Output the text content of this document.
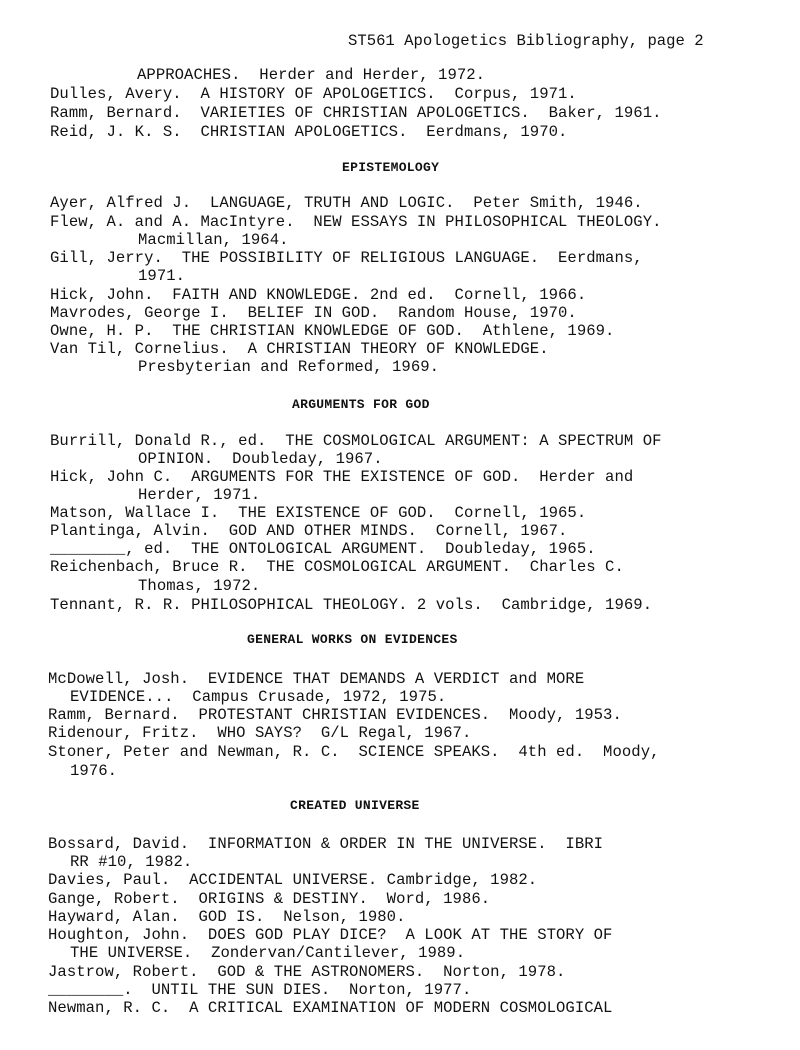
ST561 Apologetics Bibliography, page 2
APPROACHES.  Herder and Herder, 1972.
Dulles, Avery.  A HISTORY OF APOLOGETICS.  Corpus, 1971.
Ramm, Bernard.  VARIETIES OF CHRISTIAN APOLOGETICS.  Baker, 1961.
Reid, J. K. S.  CHRISTIAN APOLOGETICS.  Eerdmans, 1970.
EPISTEMOLOGY
Ayer, Alfred J.  LANGUAGE, TRUTH AND LOGIC.  Peter Smith, 1946.
Flew, A. and A. MacIntyre.  NEW ESSAYS IN PHILOSOPHICAL THEOLOGY.
Macmillan, 1964.
Gill, Jerry.  THE POSSIBILITY OF RELIGIOUS LANGUAGE.  Eerdmans,
1971.
Hick, John.  FAITH AND KNOWLEDGE. 2nd ed.  Cornell, 1966.
Mavrodes, George I.  BELIEF IN GOD.  Random House, 1970.
Owne, H. P.  THE CHRISTIAN KNOWLEDGE OF GOD.  Athlene, 1969.
Van Til, Cornelius.  A CHRISTIAN THEORY OF KNOWLEDGE.
Presbyterian and Reformed, 1969.
ARGUMENTS FOR GOD
Burrill, Donald R., ed.  THE COSMOLOGICAL ARGUMENT: A SPECTRUM OF
OPINION.  Doubleday, 1967.
Hick, John C.  ARGUMENTS FOR THE EXISTENCE OF GOD.  Herder and
Herder, 1971.
Matson, Wallace I.  THE EXISTENCE OF GOD.  Cornell, 1965.
Plantinga, Alvin.  GOD AND OTHER MINDS.  Cornell, 1967.
________, ed.  THE ONTOLOGICAL ARGUMENT.  Doubleday, 1965.
Reichenbach, Bruce R.  THE COSMOLOGICAL ARGUMENT.  Charles C.
Thomas, 1972.
Tennant, R. R. PHILOSOPHICAL THEOLOGY. 2 vols.  Cambridge, 1969.
GENERAL WORKS ON EVIDENCES
McDowell, Josh.  EVIDENCE THAT DEMANDS A VERDICT and MORE
EVIDENCE...  Campus Crusade, 1972, 1975.
Ramm, Bernard.  PROTESTANT CHRISTIAN EVIDENCES.  Moody, 1953.
Ridenour, Fritz.  WHO SAYS?  G/L Regal, 1967.
Stoner, Peter and Newman, R. C.  SCIENCE SPEAKS.  4th ed.  Moody,
1976.
CREATED UNIVERSE
Bossard, David.  INFORMATION & ORDER IN THE UNIVERSE.  IBRI
RR #10, 1982.
Davies, Paul.  ACCIDENTAL UNIVERSE. Cambridge, 1982.
Gange, Robert.  ORIGINS & DESTINY.  Word, 1986.
Hayward, Alan.  GOD IS.  Nelson, 1980.
Houghton, John.  DOES GOD PLAY DICE?  A LOOK AT THE STORY OF
THE UNIVERSE.  Zondervan/Cantilever, 1989.
Jastrow, Robert.  GOD & THE ASTRONOMERS.  Norton, 1978.
________.  UNTIL THE SUN DIES.  Norton, 1977.
Newman, R. C.  A CRITICAL EXAMINATION OF MODERN COSMOLOGICAL
